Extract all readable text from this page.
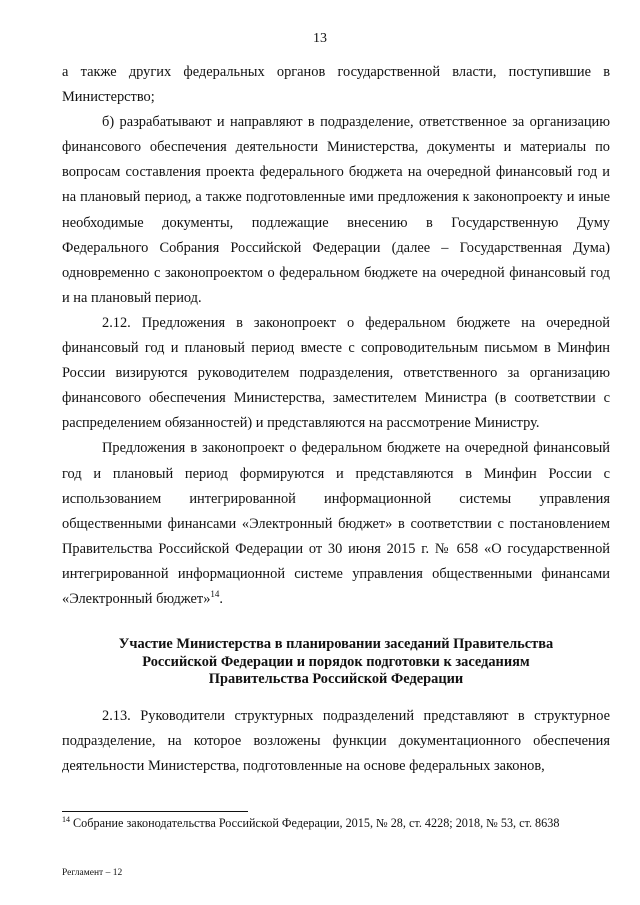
13

а также других федеральных органов государственной власти, поступившие в Министерство;

б) разрабатывают и направляют в подразделение, ответственное за организацию финансового обеспечения деятельности Министерства, документы и материалы по вопросам составления проекта федерального бюджета на очередной финансовый год и на плановый период, а также подготовленные ими предложения к законопроекту и иные необходимые документы, подлежащие внесению в Государственную Думу Федерального Собрания Российской Федерации (далее – Государственная Дума) одновременно с законопроектом о федеральном бюджете на очередной финансовый год и на плановый период.

2.12. Предложения в законопроект о федеральном бюджете на очередной финансовый год и плановый период вместе с сопроводительным письмом в Минфин России визируются руководителем подразделения, ответственного за организацию финансового обеспечения Министерства, заместителем Министра (в соответствии с распределением обязанностей) и представляются на рассмотрение Министру.

Предложения в законопроект о федеральном бюджете на очередной финансовый год и плановый период формируются и представляются в Минфин России с использованием интегрированной информационной системы управления общественными финансами «Электронный бюджет» в соответствии с постановлением Правительства Российской Федерации от 30 июня 2015 г. № 658 «О государственной интегрированной информационной системе управления общественными финансами «Электронный бюджет»$^{14}$.

Участие Министерства в планировании заседаний Правительства
Российской Федерации и порядок подготовки к заседаниям
Правительства Российской Федерации

2.13. Руководители структурных подразделений представляют в структурное подразделение, на которое возложены функции документационного обеспечения деятельности Министерства, подготовленные на основе федеральных законов,

$^{14}$ Собрание законодательства Российской Федерации, 2015, № 28, ст. 4228; 2018, № 53, ст. 8638
Регламент – 12
